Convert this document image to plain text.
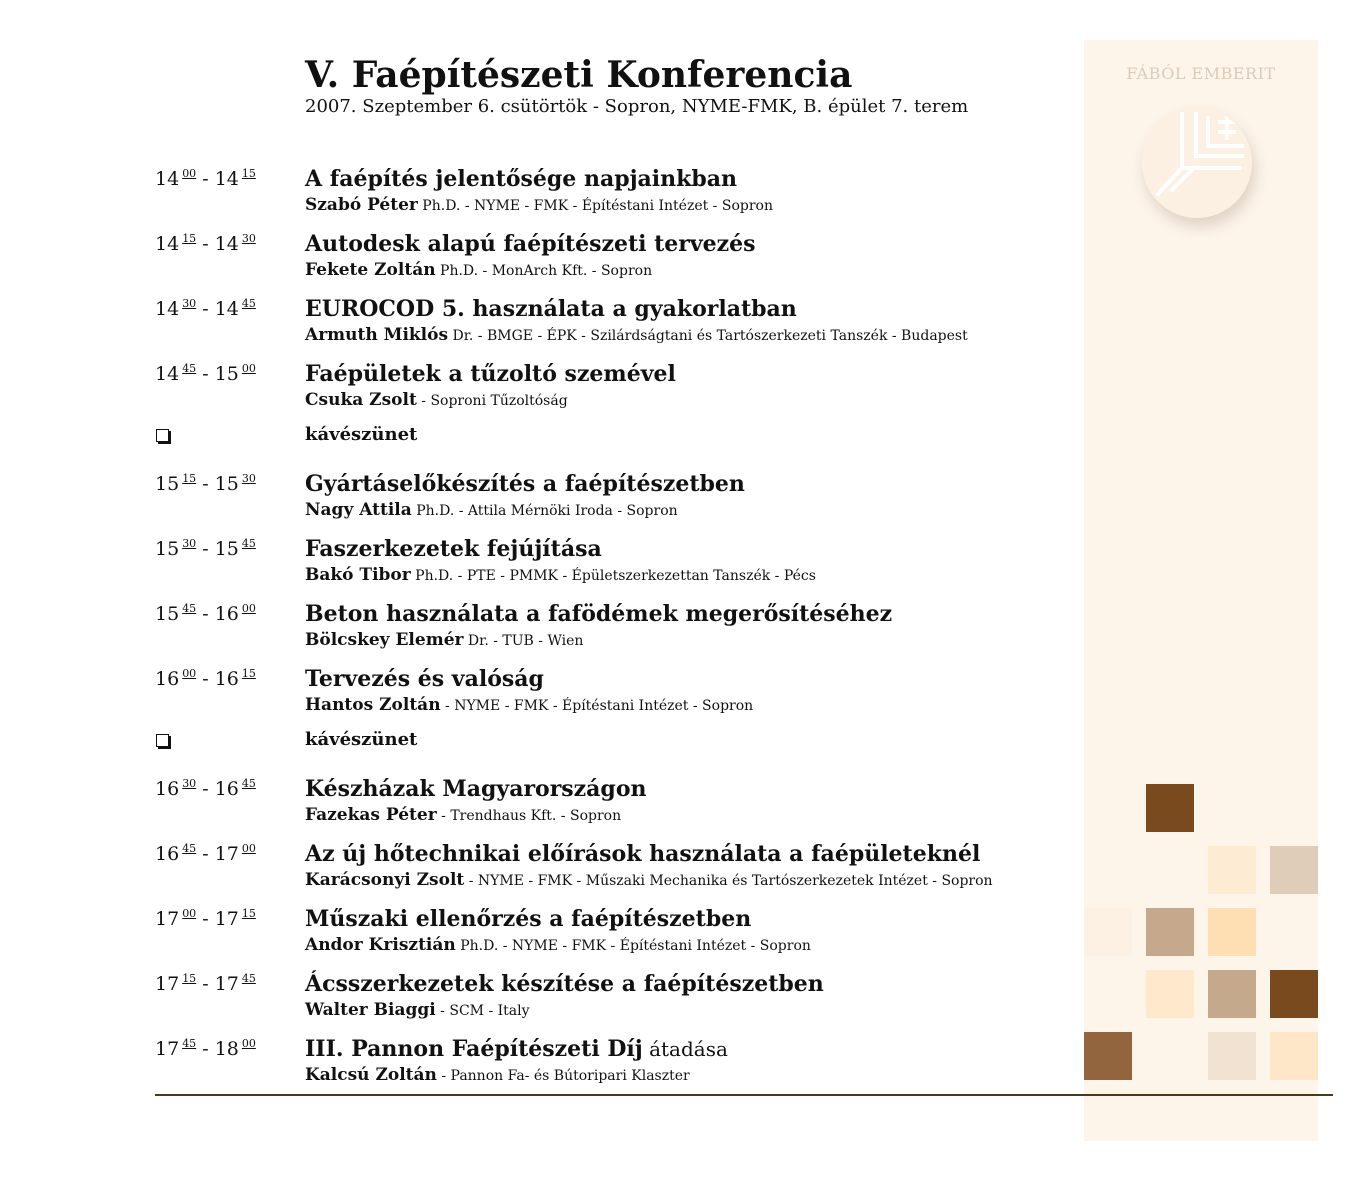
FÁBÓL EMBERIT
V. Faépítészeti Konferencia
2007. Szeptember 6. csütörtök - Sopron, NYME-FMK, B. épület 7. terem
14 $^{00}$ - 14 $^{15}$ A faépítés jelentősége napjainkban
Szabó Péter Ph.D. - NYME - FMK - Építéstani Intézet - Sopron
14 $^{15}$ - 14 $^{30}$ Autodesk alapú faépítészeti tervezés
Fekete Zoltán Ph.D. - MonArch Kft. - Sopron
14 $^{30}$ - 14 $^{45}$ EUROCOD 5. használata a gyakorlatban
Armuth Miklós Dr. - BMGE - ÉPK - Szilárdságtani és Tartószerkezeti Tanszék - Budapest
14 $^{45}$ - 15 $^{00}$ Faépületek a tűzoltó szemével
Csuka Zsolt - Soproni Tűzoltóság
kávészünet
15 $^{15}$ - 15 $^{30}$ Gyártáselőkészítés a faépítészetben
Nagy Attila Ph.D. - Attila Mérnöki Iroda - Sopron
15 $^{30}$ - 15 $^{45}$ Faszerkezetek fejújítása
Bakó Tibor Ph.D. - PTE - PMMK - Épületszerkezettan Tanszék - Pécs
15 $^{45}$ - 16 $^{00}$ Beton használata a fafödémek megerősítéséhez
Bölcskey Elemér Dr. - TUB - Wien
16 $^{00}$ - 16 $^{15}$ Tervezés és valóság
Hantos Zoltán - NYME - FMK - Építéstani Intézet - Sopron
kávészünet
16 $^{30}$ - 16 $^{45}$ Készházak Magyarországon
Fazekas Péter - Trendhaus Kft. - Sopron
16 $^{45}$ - 17 $^{00}$ Az új hőtechnikai előírások használata a faépületeknél
Karácsonyi Zsolt - NYME - FMK - Műszaki Mechanika és Tartószerkezetek Intézet - Sopron
17 $^{00}$ - 17 $^{15}$ Műszaki ellenőrzés a faépítészetben
Andor Krisztián Ph.D. - NYME - FMK - Építéstani Intézet - Sopron
17 $^{15}$ - 17 $^{45}$ Ácsszerkezetek készítése a faépítészetben
Walter Biaggi - SCM - Italy
17 $^{45}$ - 18 $^{00}$ III. Pannon Faépítészeti Díj átadása
Kalcsú Zoltán - Pannon Fa- és Bútoripari Klaszter
